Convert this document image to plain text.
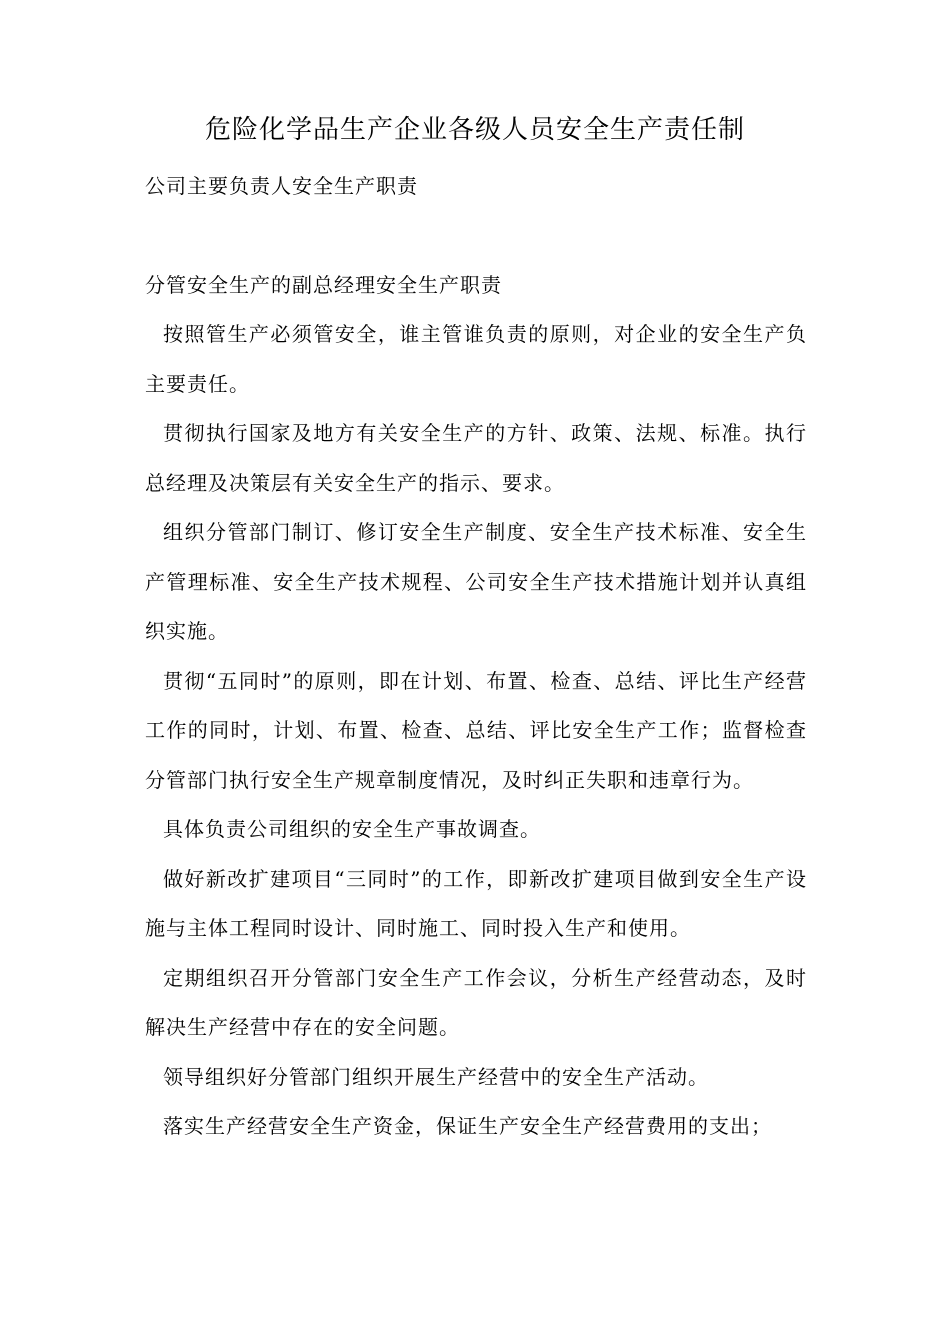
危险化学品生产企业各级人员安全生产责任制

公司主要负责人安全生产职责

分管安全生产的副总经理安全生产职责

按照管生产必须管安全，谁主管谁负责的原则，对企业的安全生产负主要责任。

贯彻执行国家及地方有关安全生产的方针、政策、法规、标准。执行总经理及决策层有关安全生产的指示、要求。

组织分管部门制订、修订安全生产制度、安全生产技术标准、安全生产管理标准、安全生产技术规程、公司安全生产技术措施计划并认真组织实施。

贯彻“五同时”的原则，即在计划、布置、检查、总结、评比生产经营工作的同时，计划、布置、检查、总结、评比安全生产工作；监督检查分管部门执行安全生产规章制度情况，及时纠正失职和违章行为。

具体负责公司组织的安全生产事故调查。

做好新改扩建项目“三同时”的工作，即新改扩建项目做到安全生产设施与主体工程同时设计、同时施工、同时投入生产和使用。

定期组织召开分管部门安全生产工作会议，分析生产经营动态，及时解决生产经营中存在的安全问题。

领导组织好分管部门组织开展生产经营中的安全生产活动。

落实生产经营安全生产资金，保证生产安全生产经营费用的支出；
